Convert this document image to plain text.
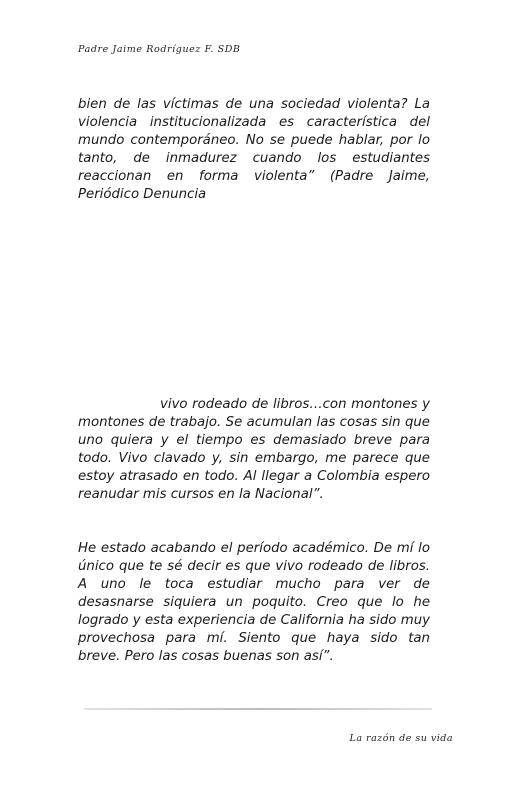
Padre Jaime Rodríguez F. SDB

bien de las víctimas de una sociedad violenta? La violencia institucionalizada es característica del mundo contemporáneo. No se puede hablar, por lo tanto, de inmadurez cuando los estudiantes reaccionan en forma violenta” (Padre Jaime, Periódico Denuncia

vivo rodeado de libros…con montones y montones de trabajo. Se acumulan las cosas sin que uno quiera y el tiempo es demasiado breve para todo. Vivo clavado y, sin embargo, me parece que estoy atrasado en todo. Al llegar a Colombia espero reanudar mis cursos en la Nacional”.

He estado acabando el período académico. De mí lo único que te sé decir es que vivo rodeado de libros. A uno le toca estudiar mucho para ver de desasnarse siquiera un poquito. Creo que lo he logrado y esta experiencia de California ha sido muy provechosa para mí. Siento que haya sido tan breve. Pero las cosas buenas son así”.

La razón de su vida
